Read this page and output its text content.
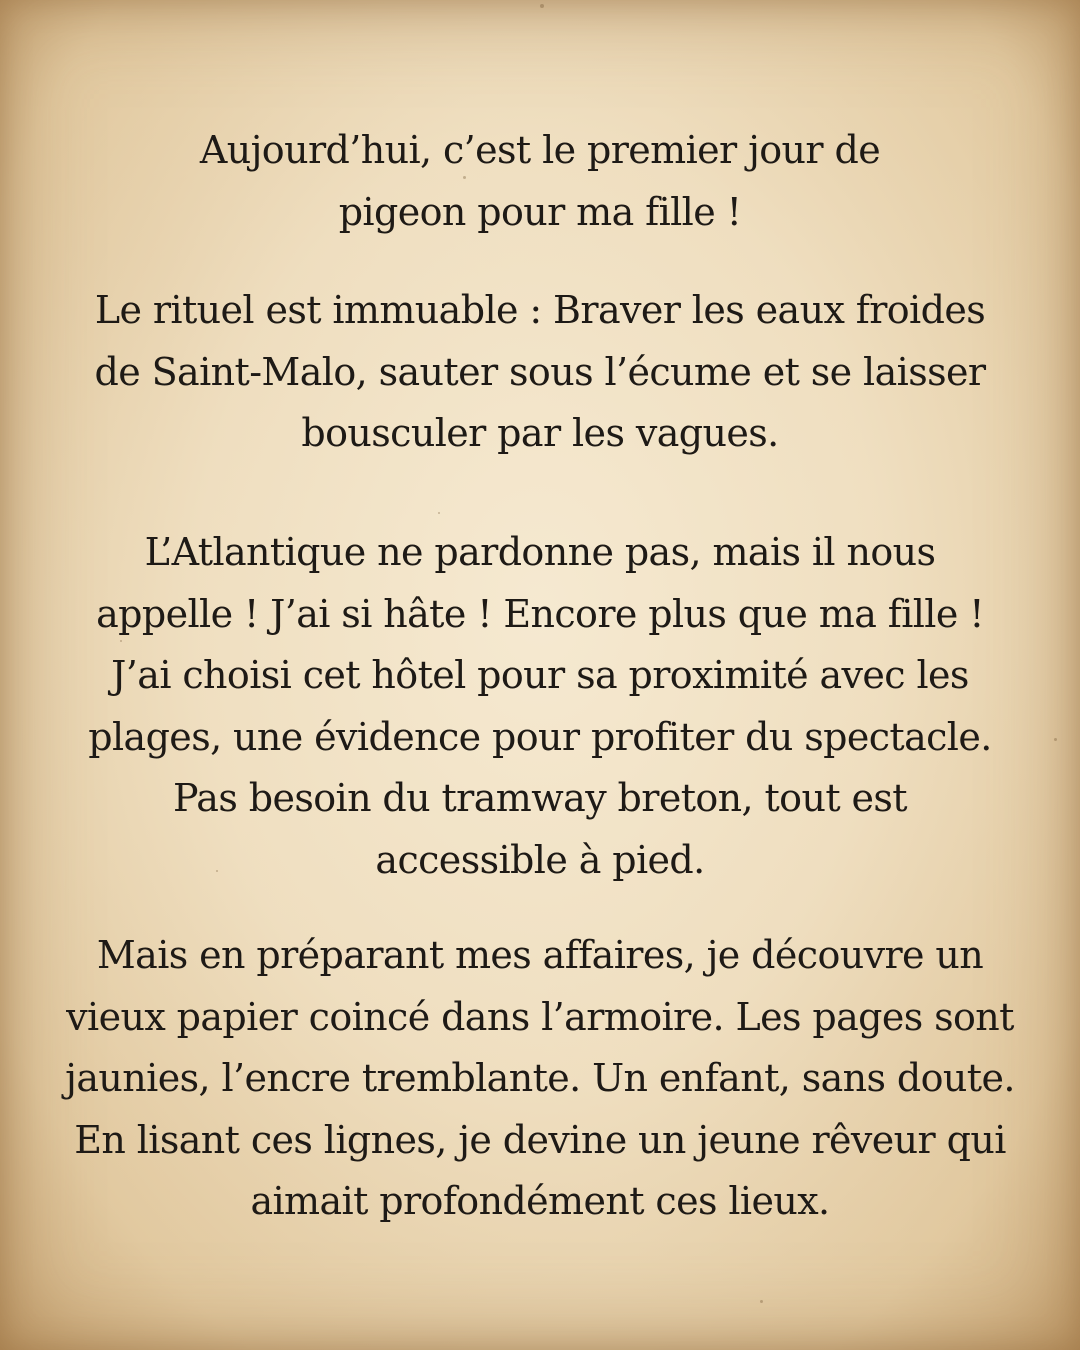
Aujourd’hui, c’est le premier jour de
pigeon pour ma fille !
Le rituel est immuable : Braver les eaux froides
de Saint-Malo, sauter sous l’écume et se laisser
bousculer par les vagues.
L’Atlantique ne pardonne pas, mais il nous
appelle ! J’ai si hâte ! Encore plus que ma fille !
J’ai choisi cet hôtel pour sa proximité avec les
plages, une évidence pour profiter du spectacle.
Pas besoin du tramway breton, tout est
accessible à pied.
Mais en préparant mes affaires, je découvre un
vieux papier coincé dans l’armoire. Les pages sont
jaunies, l’encre tremblante. Un enfant, sans doute.
En lisant ces lignes, je devine un jeune rêveur qui
aimait profondément ces lieux.
